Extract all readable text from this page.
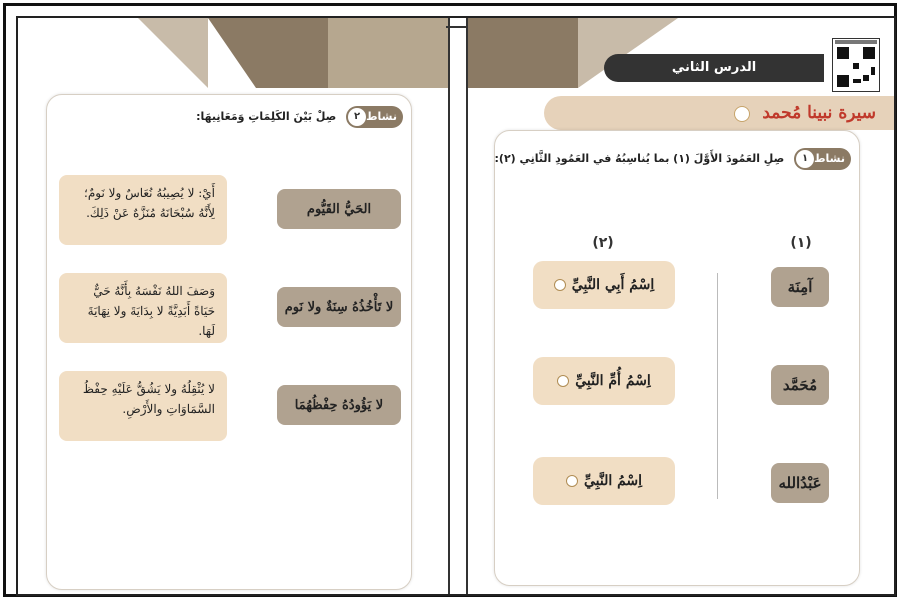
نشاط
٢
صِلْ بَيْنَ الكَلِمَاتِ وَمَعَانِيهَا:
الحَيُّ القَيُّوم
لا تَأْخُذُهُ سِنَةٌ ولا نَوم
لا يَؤُودُهُ حِفْظُهُمَا
أَيْ: لا يُصِيبُهُ نُعَاسٌ ولا نَومٌ؛ لِأَنَّهُ سُبْحَانَهُ مُنَزَّهٌ عَنْ ذَلِكَ.
وَصَفَ اللهُ نَفْسَهُ بِأَنَّهُ حَيٌّ حَيَاةً أَبَدِيَّةً لا بِدَايَةَ ولا نِهَايَةَ لَهَا.
لا يُثْقِلُهُ ولا يَشُقُّ عَلَيْهِ حِفْظُ السَّمَاوَاتِ والأَرْضِ.
الدرس الثاني
سيرة نبينا مُحمد
نشاط
١
صِلِ العَمُودَ الأَوَّلَ (١) بما يُناسِبُهُ في العَمُودِ الثَّانِي (٢):
(١)
(٢)
آمِنَة
مُحَمَّد
عَبْدُالله
اِسْمُ أَبِي النَّبِيِّ
اِسْمُ أُمِّ النَّبِيِّ
اِسْمُ النَّبِيِّ
